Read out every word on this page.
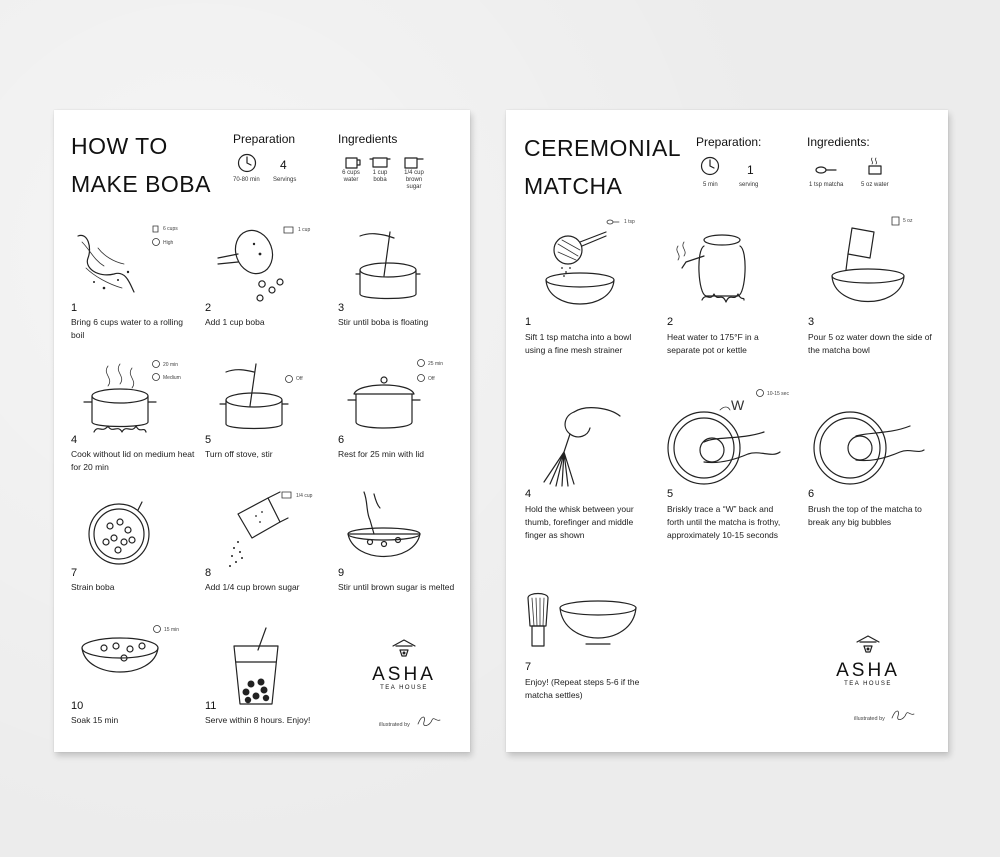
HOW TO
MAKE BOBA
Preparation
70-80 min
4
Servings
Ingredients
6 cups
water
1 cup
boba
1/4 cup
brown sugar
6 cups
High
1
Bring 6 cups water to a rolling boil
1 cup
2
Add 1 cup boba
3
Stir until boba is floating
20 min
Medium
4
Cook without lid on medium heat for 20 min
Off
5
Turn off stove, stir
25 min
Off
6
Rest for 25 min with lid
7
Strain boba
1/4 cup
8
Add 1/4 cup brown sugar
9
Stir until brown sugar is melted
15 min
10
Soak 15 min
11
Serve within 8 hours. Enjoy!
ASHA
TEA HOUSE
illustrated by
CEREMONIAL
MATCHA
Preparation:
5 min
1
serving
Ingredients:
1 tsp matcha	5 oz water
1 tsp
1
Sift 1 tsp matcha into a bowl using a fine mesh strainer
2
Heat water to 175°F in a separate pot or kettle
5 oz
3
Pour 5 oz water down the side of the matcha bowl
4
Hold the whisk between your thumb, forefinger and middle finger as shown
W
10-15 sec
5
Briskly trace a “W” back and forth until the matcha is frothy, approximately 10-15 seconds
6
Brush the top of the matcha to break any big bubbles
7
Enjoy! (Repeat steps 5-6 if the matcha settles)
ASHA
TEA HOUSE
illustrated by
